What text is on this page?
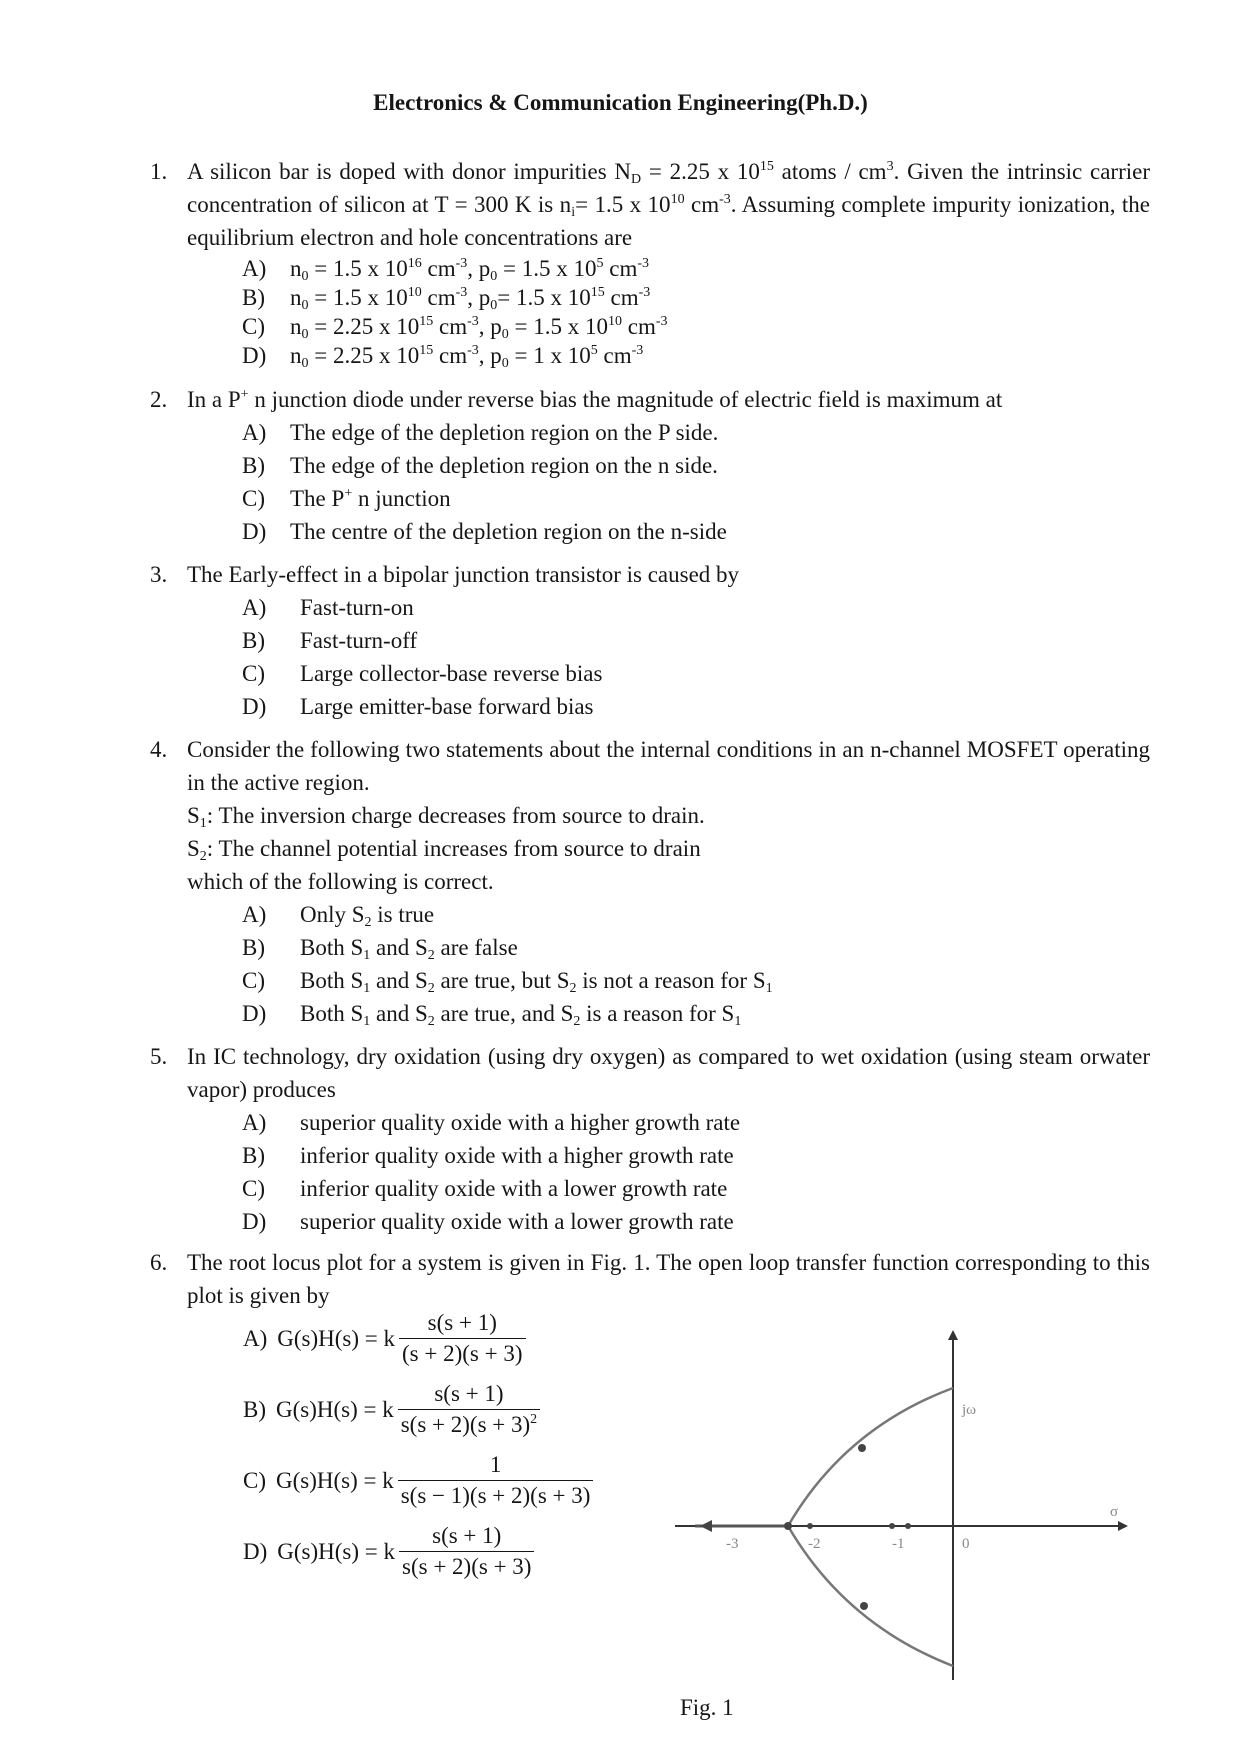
Electronics & Communication Engineering(Ph.D.)
1. A silicon bar is doped with donor impurities $N_D = 2.25$ x $10^{15}$ atoms / $cm^3$. Given the intrinsic carrier concentration of silicon at T = 300 K is $n_i= 1.5$ x $10^{10}$ $cm^{-3}$. Assuming complete impurity ionization, the equilibrium electron and hole concentrations are
A)	$n_0 = 1.5$ x $10^{16}$ $cm^{-3}$, $p_0 = 1.5$ x $10^5$ $cm^{-3}$
B)	$n_0 = 1.5$ x $10^{10}$ $cm^{-3}$, $p_0= 1.5$ x $10^{15}$ $cm^{-3}$
C)	$n_0 = 2.25$ x $10^{15}$ $cm^{-3}$, $p_0 = 1.5$ x $10^{10}$ $cm^{-3}$
D)	$n_0 = 2.25$ x $10^{15}$ $cm^{-3}$, $p_0 = 1$ x $10^5$ $cm^{-3}$
2. In a P+ n junction diode under reverse bias the magnitude of electric field is maximum at
A)	The edge of the depletion region on the P side.
B)	The edge of the depletion region on the n side.
C)	The P+ n junction
D)	The centre of the depletion region on the n-side
3. The Early-effect in a bipolar junction transistor is caused by
A)	Fast-turn-on
B)	Fast-turn-off
C)	Large collector-base reverse bias
D)	Large emitter-base forward bias
4. Consider the following two statements about the internal conditions in an n-channel MOSFET operating in the active region.
$S_1$: The inversion charge decreases from source to drain.
$S_2$: The channel potential increases from source to drain
which of the following is correct.
A)	Only $S_2$ is true
B)	Both $S_1$ and $S_2$ are false
C)	Both $S_1$ and $S_2$ are true, but $S_2$ is not a reason for $S_1$
D)	Both $S_1$ and $S_2$ are true, and $S_2$ is a reason for $S_1$
5. In IC technology, dry oxidation (using dry oxygen) as compared to wet oxidation (using steam orwater vapor) produces
A)	superior quality oxide with a higher growth rate
B)	inferior quality oxide with a higher growth rate
C)	inferior quality oxide with a lower growth rate
D)	superior quality oxide with a lower growth rate
6. The root locus plot for a system is given in Fig. 1. The open loop transfer function corresponding to this plot is given by
A) G(s)H(s) = k $\frac{s(s + 1)}{(s + 2)(s + 3)}$
B) G(s)H(s) = k $\frac{s(s + 1)}{s(s + 2)(s + 3)^2}$
C) G(s)H(s) = k $\frac{1}{s(s - 1)(s + 2)(s + 3)}$
D) G(s)H(s) = k $\frac{s(s + 1)}{s(s + 2)(s + 3)}$	-3	-2	-1	0
jω
σ
Fig. 1
